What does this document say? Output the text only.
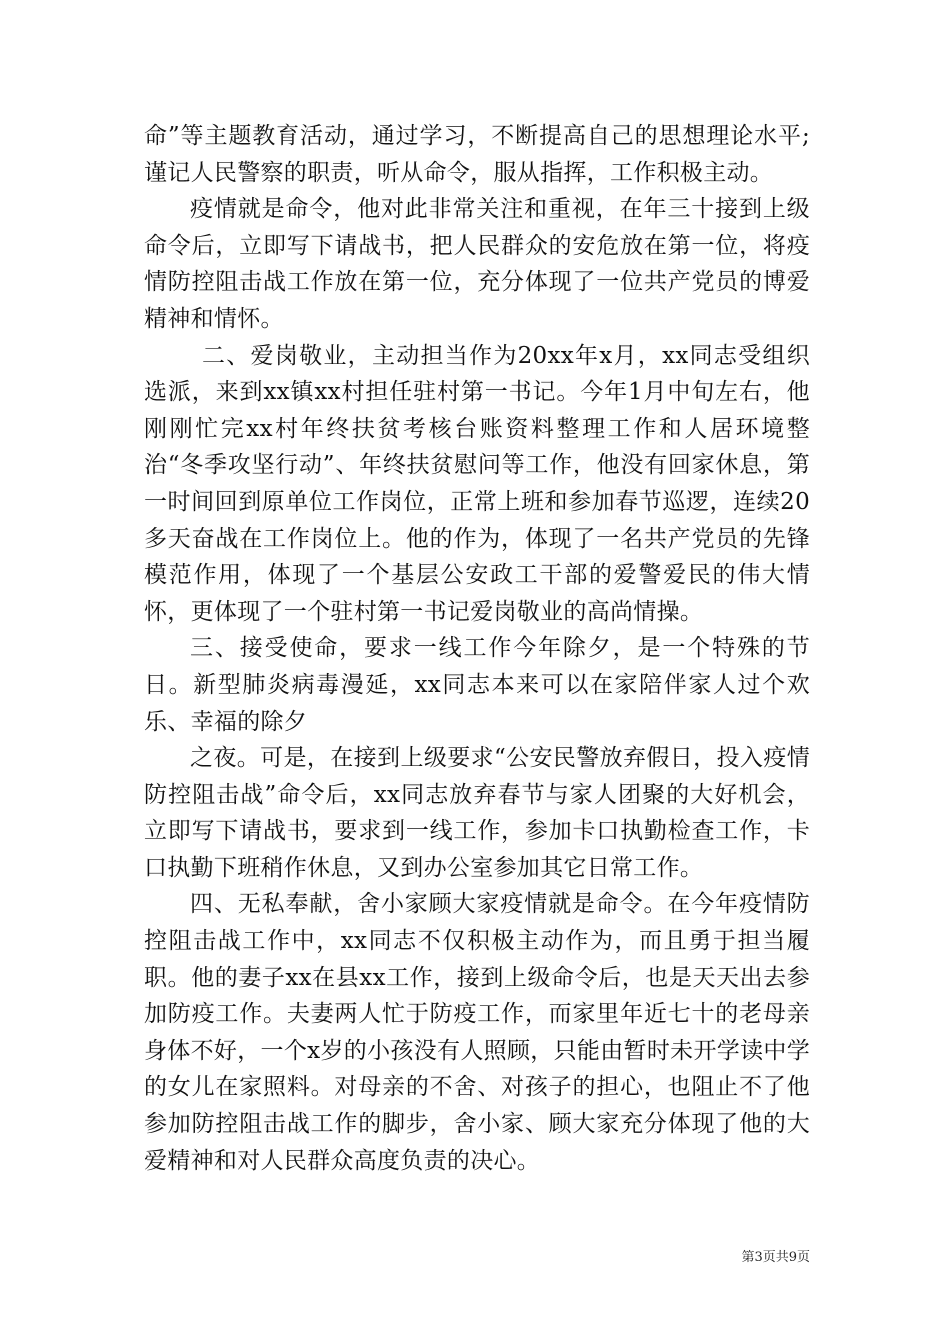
命”等主题教育活动，通过学习，不断提高自己的思想理论水平;谨记人民警察的职责，听从命令，服从指挥，工作积极主动。

疫情就是命令，他对此非常关注和重视，在年三十接到上级命令后，立即写下请战书，把人民群众的安危放在第一位，将疫情防控阻击战工作放在第一位，充分体现了一位共产党员的博爱精神和情怀。

二、爱岗敬业，主动担当作为20xx年x月，xx同志受组织选派，来到xx镇xx村担任驻村第一书记。今年1月中旬左右，他刚刚忙完xx村年终扶贫考核台账资料整理工作和人居环境整治“冬季攻坚行动”、年终扶贫慰问等工作，他没有回家休息，第一时间回到原单位工作岗位，正常上班和参加春节巡逻，连续20多天奋战在工作岗位上。他的作为，体现了一名共产党员的先锋模范作用，体现了一个基层公安政工干部的爱警爱民的伟大情怀，更体现了一个驻村第一书记爱岗敬业的高尚情操。

三、接受使命，要求一线工作今年除夕，是一个特殊的节日。新型肺炎病毒漫延，xx同志本来可以在家陪伴家人过个欢乐、幸福的除夕

之夜。可是，在接到上级要求“公安民警放弃假日，投入疫情防控阻击战”命令后，xx同志放弃春节与家人团聚的大好机会，立即写下请战书，要求到一线工作，参加卡口执勤检查工作，卡口执勤下班稍作休息，又到办公室参加其它日常工作。

四、无私奉献，舍小家顾大家疫情就是命令。在今年疫情防控阻击战工作中，xx同志不仅积极主动作为，而且勇于担当履职。他的妻子xx在县xx工作，接到上级命令后，也是天天出去参加防疫工作。夫妻两人忙于防疫工作，而家里年近七十的老母亲身体不好，一个x岁的小孩没有人照顾，只能由暂时未开学读中学的女儿在家照料。对母亲的不舍、对孩子的担心，也阻止不了他参加防控阻击战工作的脚步，舍小家、顾大家充分体现了他的大爱精神和对人民群众高度负责的决心。

第3页共9页
